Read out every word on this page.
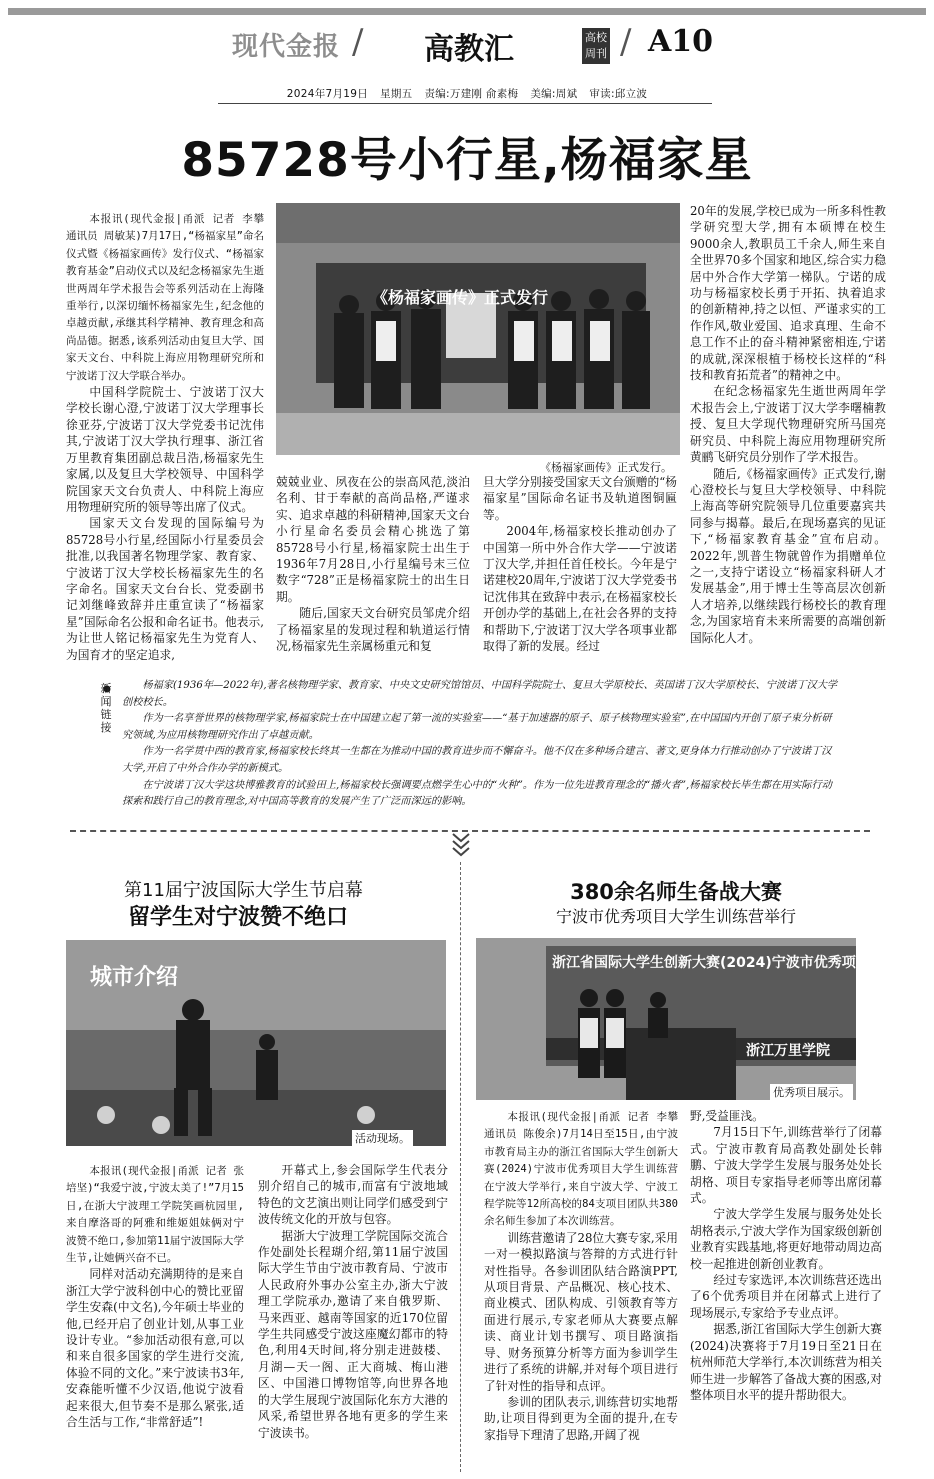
现代金报 / 高教汇	高校
周刊 / A10
2024年7月19日 星期五 责编:万建刚 俞素梅 美编:周斌 审读:邱立波
85728号小行星,杨福家星

本报讯(现代金报|甬派 记者 李攀 通讯员 周敏某)7月17日,“杨福家星”命名仪式暨《杨福家画传》发行仪式、“杨福家教育基金”启动仪式以及纪念杨福家先生逝世两周年学术报告会等系列活动在上海隆重举行,以深切缅怀杨福家先生,纪念他的卓越贡献,承继其科学精神、教育理念和高尚品德。据悉,该系列活动由复旦大学、国家天文台、中科院上海应用物理研究所和宁波诺丁汉大学联合举办。

中国科学院院士、宁波诺丁汉大学校长谢心澄,宁波诺丁汉大学理事长徐亚芬,宁波诺丁汉大学党委书记沈伟其,宁波诺丁汉大学执行理事、浙江省万里教育集团副总裁吕浩,杨福家先生家属,以及复旦大学校领导、中国科学院国家天文台负责人、中科院上海应用物理研究所的领导等出席了仪式。

国家天文台发现的国际编号为85728号小行星,经国际小行星委员会批准,以我国著名物理学家、教育家、宁波诺丁汉大学校长杨福家先生的名字命名。国家天文台台长、党委副书记刘继峰致辞并庄重宣读了“杨福家星”国际命名公报和命名证书。他表示,为让世人铭记杨福家先生为党育人、为国育才的坚定追求,

《杨福家画传》正式发行
《杨福家画传》正式发行。

兢兢业业、夙夜在公的崇高风范,淡泊名利、甘于奉献的高尚品格,严谨求实、追求卓越的科研精神,国家天文台小行星命名委员会精心挑选了第85728号小行星,杨福家院士出生于1936年7月28日,小行星编号末三位数字“728”正是杨福家院士的出生日期。

随后,国家天文台研究员邹虎介绍了杨福家星的发现过程和轨道运行情况,杨福家先生亲属杨重元和复

旦大学分别接受国家天文台颁赠的“杨福家星”国际命名证书及轨道图铜匾等。

2004年,杨福家校长推动创办了中国第一所中外合作大学——宁波诺丁汉大学,并担任首任校长。今年是宁诺建校20周年,宁波诺丁汉大学党委书记沈伟其在致辞中表示,在杨福家校长开创办学的基础上,在社会各界的支持和帮助下,宁波诺丁汉大学各项事业都取得了新的发展。经过

20年的发展,学校已成为一所多科性教学研究型大学,拥有本硕博在校生9000余人,教职员工千余人,师生来自全世界70多个国家和地区,综合实力稳居中外合作大学第一梯队。宁诺的成功与杨福家校长勇于开拓、执着追求的创新精神,持之以恒、严谨求实的工作作风,敬业爱国、追求真理、生命不息工作不止的奋斗精神紧密相连,宁诺的成就,深深根植于杨校长这样的“科技和教育拓荒者”的精神之中。

在纪念杨福家先生逝世两周年学术报告会上,宁波诺丁汉大学李曙楠教授、复旦大学现代物理研究所马国亮研究员、中科院上海应用物理研究所黄鹂飞研究员分别作了学术报告。

随后,《杨福家画传》正式发行,谢心澄校长与复旦大学校领导、中科院上海高等研究院领导几位重要嘉宾共同参与揭幕。最后,在现场嘉宾的见证下,“杨福家教育基金”宣布启动。2022年,凯普生物就曾作为捐赠单位之一,支持宁诺设立“杨福家科研人才发展基金”,用于博士生等高层次创新人才培养,以继续践行杨校长的教育理念,为国家培育未来所需要的高端创新国际化人才。

新
闻
链
接

杨福家(1936年—2022年),著名核物理学家、教育家、中央文史研究馆馆员、中国科学院院士、复旦大学原校长、英国诺丁汉大学原校长、宁波诺丁汉大学创校校长。

作为一名享誉世界的核物理学家,杨福家院士在中国建立起了第一流的实验室——“基于加速器的原子、原子核物理实验室”,在中国国内开创了原子束分析研究领域,为应用核物理研究作出了卓越贡献。

作为一名学贯中西的教育家,杨福家校长终其一生都在为推动中国的教育进步而不懈奋斗。他不仅在多种场合建言、著文,更身体力行推动创办了宁波诺丁汉大学,开启了中外合作办学的新模式。

在宁波诺丁汉大学这块博雅教育的试验田上,杨福家校长强调要点燃学生心中的“火种”。作为一位先进教育理念的“播火者”,杨福家校长毕生都在用实际行动探索和践行自己的教育理念,对中国高等教育的发展产生了广泛而深远的影响。

第11届宁波国际大学生节启幕
留学生对宁波赞不绝口
城市介绍
活动现场。

本报讯(现代金报|甬派 记者 张培坚)“我爱宁波,宁波太美了!”7月15日,在浙大宁波理工学院笑画杭园里,来自摩洛哥的阿雅和维姬姐妹俩对宁波赞不绝口,参加第11届宁波国际大学生节,让她俩兴奋不已。

同样对活动充满期待的是来自浙江大学宁波科创中心的赞比亚留学生安森(中文名),今年硕士毕业的他,已经开启了创业计划,从事工业设计专业。“参加活动很有意,可以和来自很多国家的学生进行交流,体验不同的文化。”来宁波读书3年,安森能听懂不少汉语,他说宁波看起来很大,但节奏不是那么紧张,适合生活与工作,“非常舒适”!

开幕式上,参会国际学生代表分别介绍自己的城市,而富有宁波地域特色的文艺演出则让同学们感受到宁波传统文化的开放与包容。

据浙大宁波理工学院国际交流合作处副处长程瑚介绍,第11届宁波国际大学生节由宁波市教育局、宁波市人民政府外事办公室主办,浙大宁波理工学院承办,邀请了来自俄罗斯、马来西亚、越南等国家的近170位留学生共同感受宁波这座魔幻都市的特色,利用4天时间,将分别走进鼓楼、月湖—天一阁、正大商城、梅山港区、中国港口博物馆等,向世界各地的大学生展现宁波国际化东方大港的风采,希望世界各地有更多的学生来宁波读书。

380余名师生备战大赛
宁波市优秀项目大学生训练营举行
浙江省国际大学生创新大赛(2024)宁波市优秀项目展示
浙江万里学院
优秀项目展示。

本报讯(现代金报|甬派 记者 李攀 通讯员 陈俊余)7月14日至15日,由宁波市教育局主办的浙江省国际大学生创新大赛(2024)宁波市优秀项目大学生训练营在宁波大学举行,来自宁波大学、宁波工程学院等12所高校的84支项目团队共380余名师生参加了本次训练营。

训练营邀请了28位大赛专家,采用一对一模拟路演与答辩的方式进行针对性指导。各参训团队结合路演PPT,从项目背景、产品概况、核心技术、商业模式、团队构成、引领教育等方面进行展示,专家老师从大赛要点解读、商业计划书撰写、项目路演指导、财务预算分析等方面为参训学生进行了系统的讲解,并对每个项目进行了针对性的指导和点评。

参训的团队表示,训练营切实地帮助,让项目得到更为全面的提升,在专家指导下理清了思路,开阔了视

野,受益匪浅。

7月15日下午,训练营举行了闭幕式。宁波市教育局高教处副处长韩鹏、宁波大学学生发展与服务处处长胡格、项目专家指导老师等出席闭幕式。

宁波大学学生发展与服务处处长胡格表示,宁波大学作为国家级创新创业教育实践基地,将更好地带动周边高校一起推进创新创业教育。

经过专家选评,本次训练营还选出了6个优秀项目并在闭幕式上进行了现场展示,专家给予专业点评。

据悉,浙江省国际大学生创新大赛(2024)决赛将于7月19日至21日在杭州师范大学举行,本次训练营为相关师生进一步解答了备战大赛的困惑,对整体项目水平的提升帮助很大。
